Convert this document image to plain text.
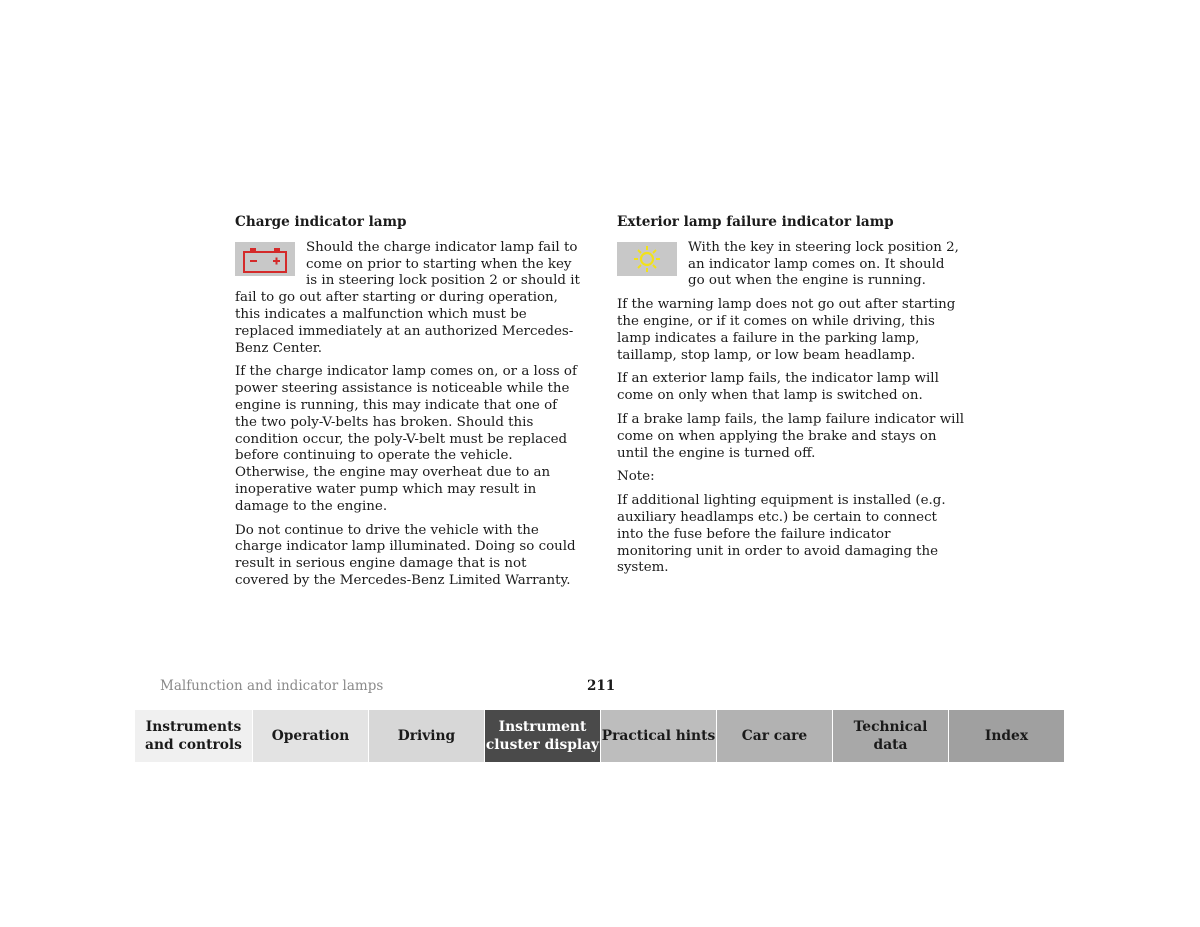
Charge indicator lamp

Should the charge indicator lamp fail to come on prior to starting when the key is in steering lock position 2 or should it fail to go out after starting or during operation, this indicates a malfunction which must be replaced immediately at an authorized Mercedes-Benz Center.

If the charge indicator lamp comes on, or a loss of power steering assistance is noticeable while the engine is running, this may indicate that one of the two poly-V-belts has broken. Should this condition occur, the poly-V-belt must be replaced before continuing to operate the vehicle. Otherwise, the engine may overheat due to an inoperative water pump which may result in damage to the engine.

Do not continue to drive the vehicle with the charge indicator lamp illuminated. Doing so could result in serious engine damage that is not covered by the Mercedes-Benz Limited Warranty.

Exterior lamp failure indicator lamp

With the key in steering lock position 2, an indicator lamp comes on. It should go out when the engine is running.

If the warning lamp does not go out after starting the engine, or if it comes on while driving, this lamp indicates a failure in the parking lamp, taillamp, stop lamp, or low beam headlamp.

If an exterior lamp fails, the indicator lamp will come on only when that lamp is switched on.

If a brake lamp fails, the lamp failure indicator will come on when applying the brake and stays on until the engine is turned off.

Note:

If additional lighting equipment is installed (e.g. auxiliary headlamps etc.) be certain to connect into the fuse before the failure indicator monitoring unit in order to avoid damaging the system.

Malfunction and indicator lamps	211
Instruments
and controls
Operation	Driving
Instrument
cluster display
Practical hints Car care
Technical
data
Index
